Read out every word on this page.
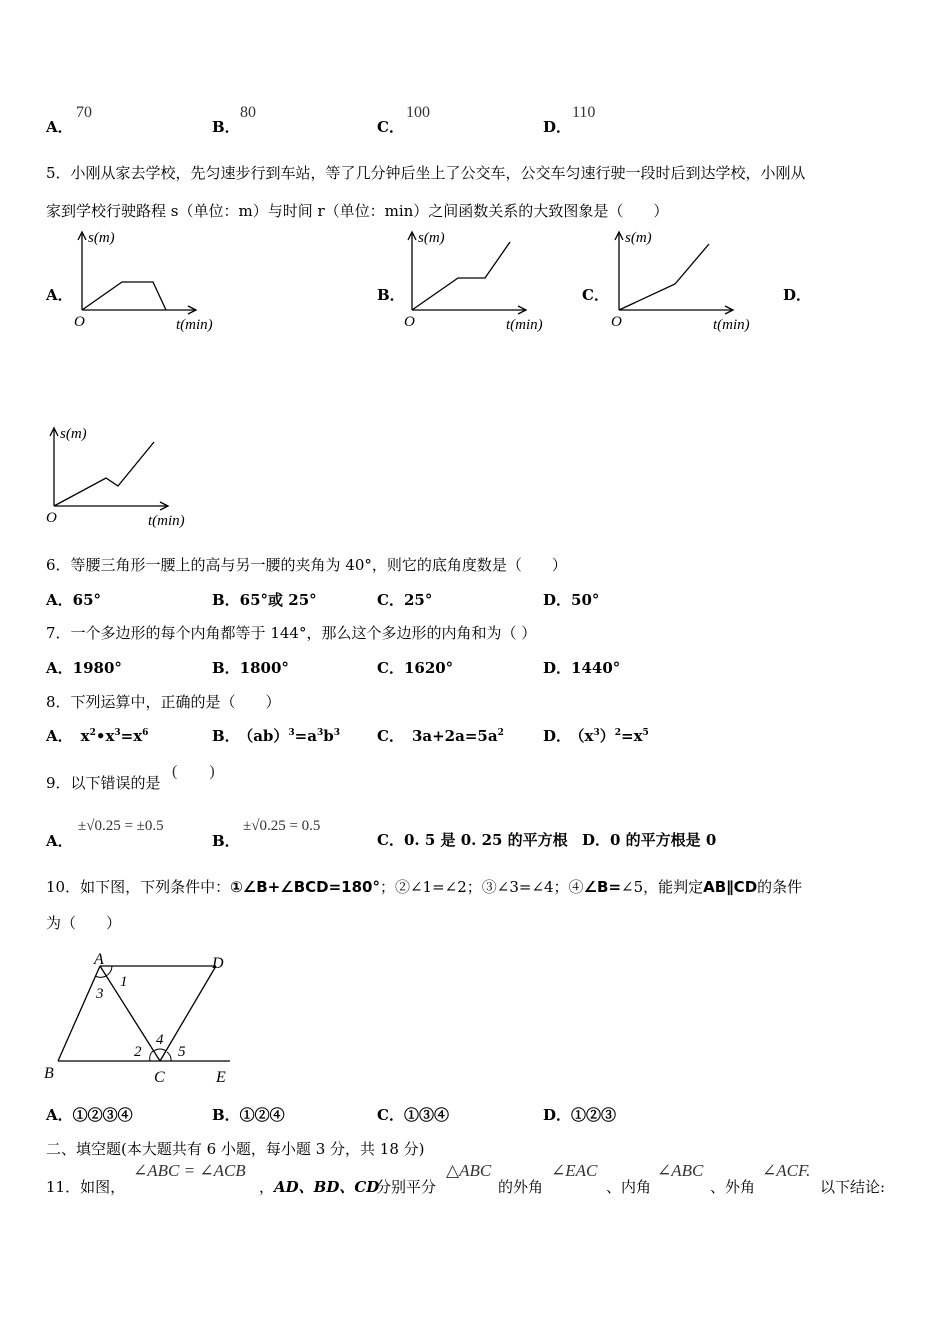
A．
70
B．
80
C．
100
D．
110
5．小刚从家去学校，先匀速步行到车站，等了几分钟后坐上了公交车，公交车匀速行驶一段时后到达学校，小刚从
家到学校行驶路程 s（单位：m）与时间 r（单位：min）之间函数关系的大致图象是（　　）
A．
s(m)
O	t(min)
B．
s(m)
O	t(min)
C．
s(m)
O	t(min)
D．
s(m)
O	t(min)
6．等腰三角形一腰上的高与另一腰的夹角为 40°，则它的底角度数是（　　）
A．65°	B．65°或 25°	C．25°	D．50°
7．一个多边形的每个内角都等于 144°，那么这个多边形的内角和为（ ）
A．1980°	B．1800°	C．1620°	D．1440°
8．下列运算中，正确的是（　　）
A． $x^2•x^3=x^6$	B． $(ab)^3=a^3b^3$ C． $3a+2a=5a^2$	D． $(x^3)^2=x^5$
9．以下错误的是
(　　)
A．
±√0.25 = ±0.5
B．
±√0.25 = 0.5
C．0. 5 是 0. 25 的平方根 D．0 的平方根是 0
10．如下图，下列条件中：①∠B+∠BCD=180°；②∠1=∠2；③∠3=∠4；④∠B=∠5，能判定AB∥CD的条件
为（　　）
A	D
B	C	E
1
3
2
4
5
A．①②③④	B．①②④	C．①③④	D．①②③
二、填空题(本大题共有 6 小题，每小题 3 分，共 18 分)
11．如图，
∠ABC = ∠ACB
， AD、BD、CD
分别平分
△ABC
的外角
∠EAC
、内角
∠ABC
、外角
∠ACF.
以下结论:
